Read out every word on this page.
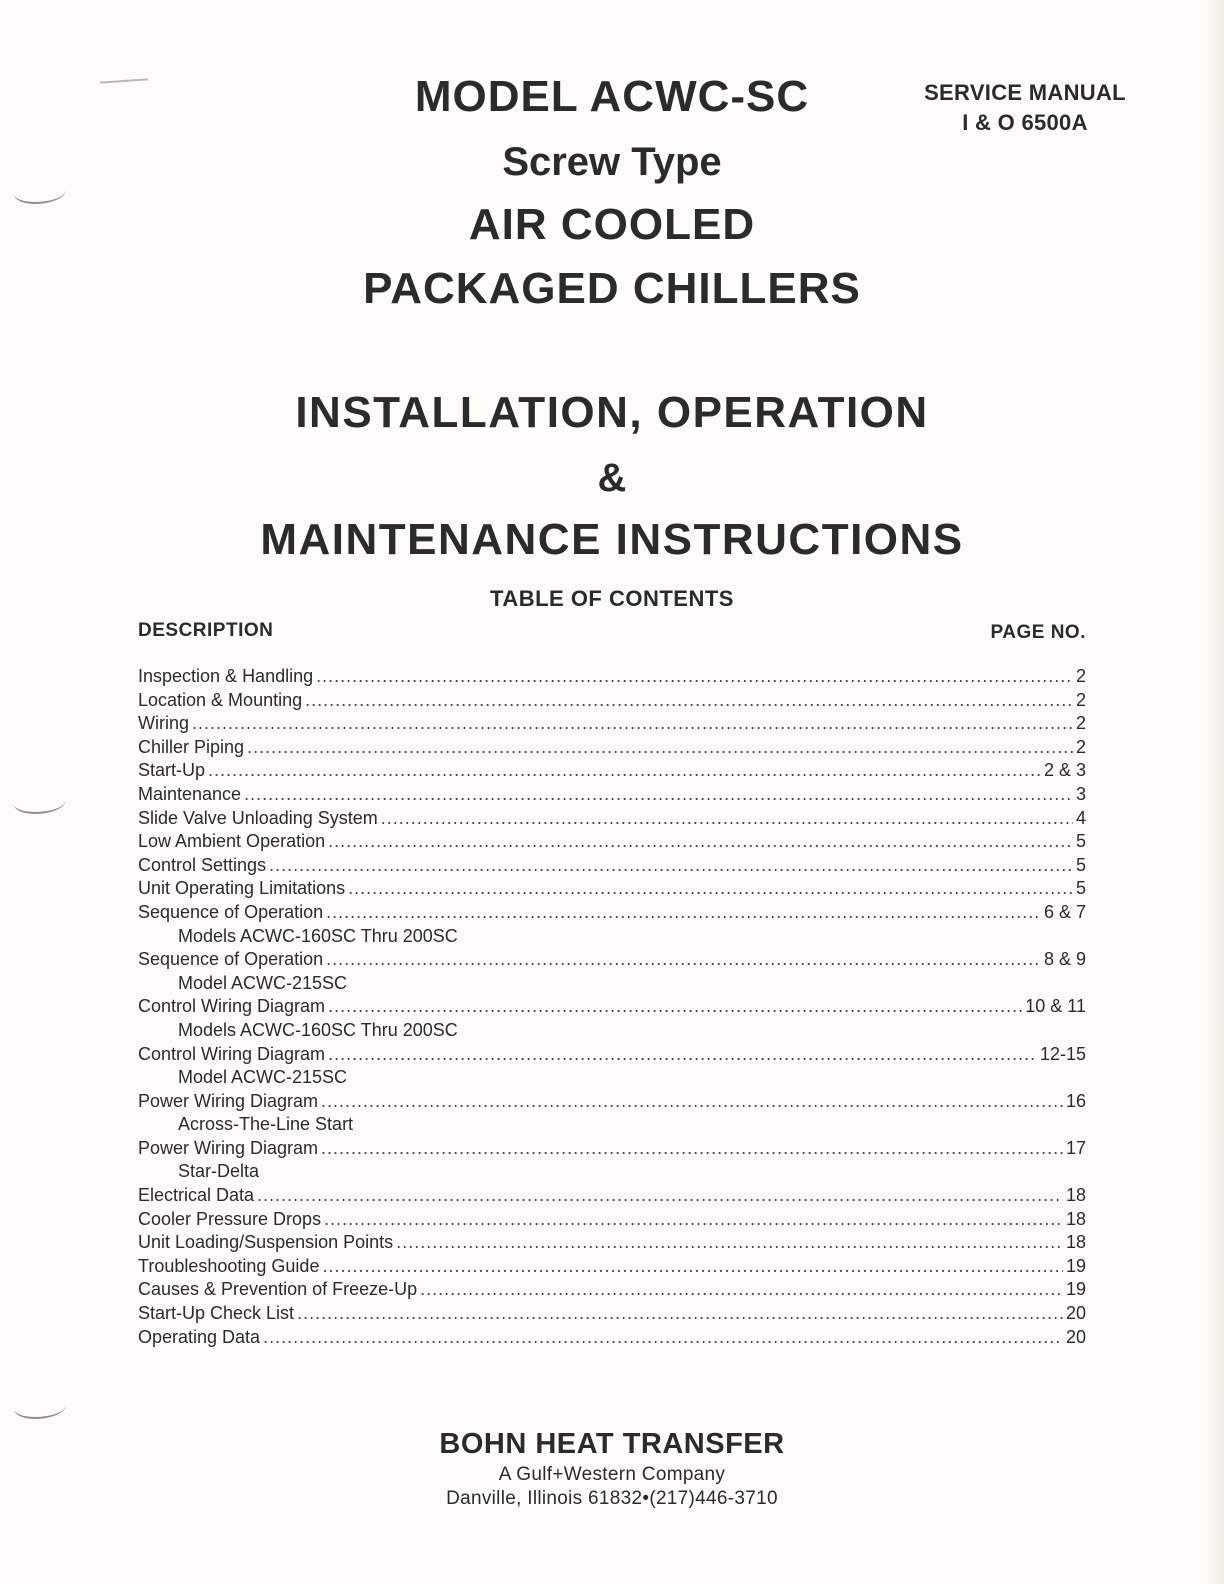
SERVICE MANUAL
I & O 6500A
MODEL ACWC-SC
Screw Type
AIR COOLED
PACKAGED CHILLERS
INSTALLATION, OPERATION
&
MAINTENANCE INSTRUCTIONS
TABLE OF CONTENTS
DESCRIPTION	PAGE NO.
Inspection & Handling .....	2
Location & Mounting .....	2
Wiring .....	2
Chiller Piping .....	2
Start-Up .....	2 & 3
Maintenance .....	3
Slide Valve Unloading System .....	4
Low Ambient Operation .....	5
Control Settings .....	5
Unit Operating Limitations .....	5
Sequence of Operation .....	6 & 7
Models ACWC-160SC Thru 200SC
Sequence of Operation .....	8 & 9
Model ACWC-215SC
Control Wiring Diagram .....	10 & 11
Models ACWC-160SC Thru 200SC
Control Wiring Diagram .....	12-15
Model ACWC-215SC
Power Wiring Diagram .....	16
Across-The-Line Start
Power Wiring Diagram .....	17
Star-Delta
Electrical Data .....	18
Cooler Pressure Drops .....	18
Unit Loading/Suspension Points .....	18
Troubleshooting Guide .....	19
Causes & Prevention of Freeze-Up .....	19
Start-Up Check List .....	20
Operating Data .....	20
BOHN HEAT TRANSFER
A Gulf+Western Company
Danville, Illinois 61832•(217)446-3710
